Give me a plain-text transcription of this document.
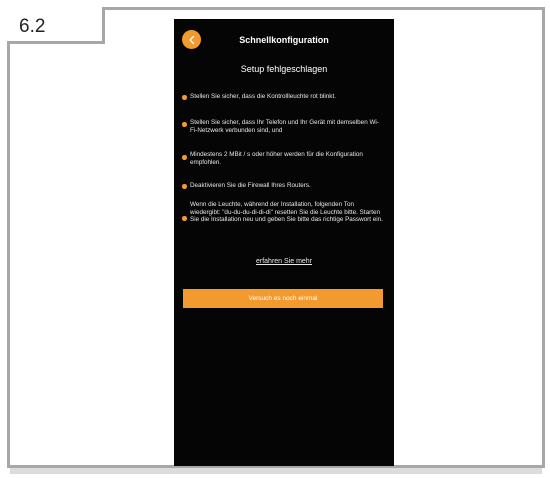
6.2
Schnellkonfiguration
Setup fehlgeschlagen
Stellen Sie sicher, dass die Kontrollleuchte rot blinkt.
Stellen Sie sicher, dass Ihr Telefon und Ihr Gerät mit demselben Wi-Fi-Netzwerk verbunden sind, und
Mindestens 2 MBit / s oder höher werden für die Konfiguration empfohlen.
Deaktivieren Sie die Firewall Ihres Routers.
Wenn die Leuchte, während der Installation, folgenden Ton wiedergibt: "du-du-du-di-di-di" resetten Sie die Leuchte bitte. Starten Sie die Installation neu und geben Sie bitte das richtige Passwort ein.
erfahren Sie mehr
Versuch es noch einmal
